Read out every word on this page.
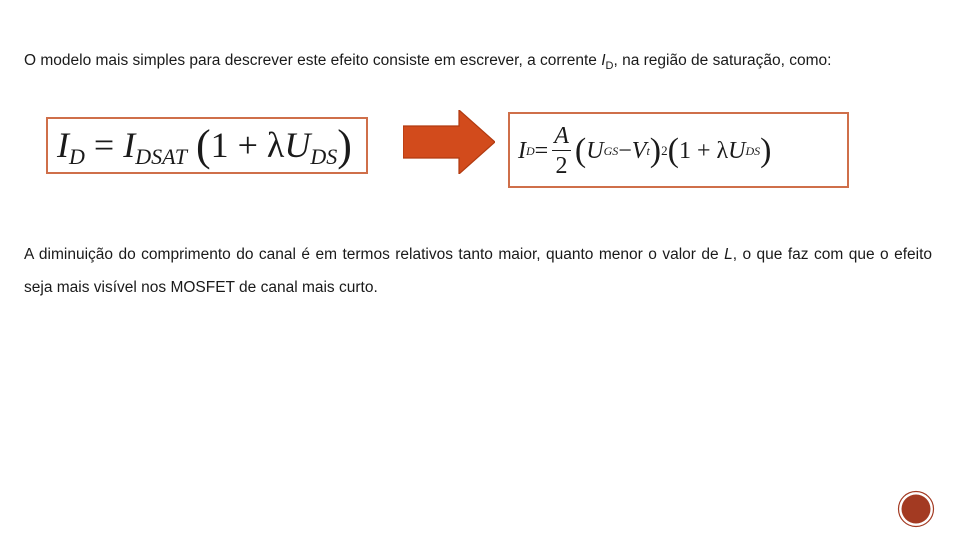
O modelo mais simples para descrever este efeito consiste em escrever, a corrente $I_D$, na região de saturação, como:

$I_D = I_{DSAT}$ $(1 + \lambda U_{DS})$	I $D = \frac{A}{2}$ ( U GS − V t ) 2 ( 1 + λ U DS )

A diminuição do comprimento do canal é em termos relativos tanto maior, quanto menor o valor de L, o que faz com que o efeito seja mais visível nos MOSFET de canal mais curto.
